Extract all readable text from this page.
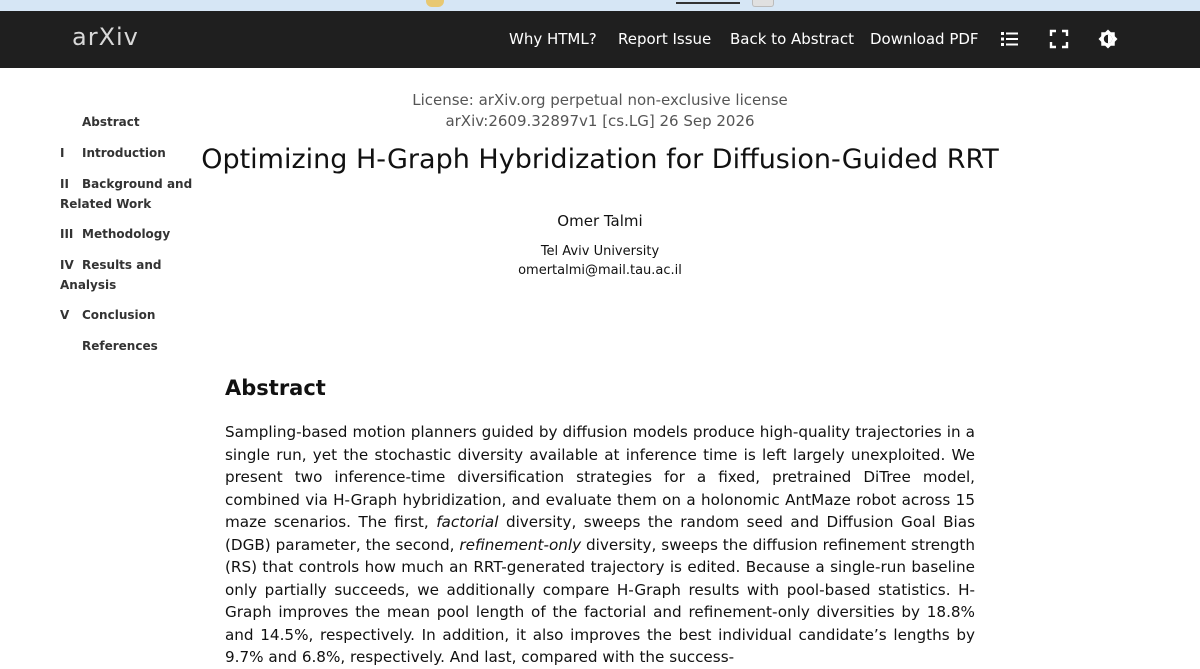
arXiv	Why HTML? Report Issue Back to Abstract Download PDF
Abstract
I	Introduction
II	Background and Related Work
III Methodology
IV Results and Analysis
V	Conclusion
References
License: arXiv.org perpetual non-exclusive license
arXiv:2609.32897v1 [cs.LG] 26 Sep 2026
Optimizing H-Graph Hybridization for Diffusion-Guided RRT
Omer Talmi
Tel Aviv University
omertalmi@mail.tau.ac.il
Abstract

Sampling-based motion planners guided by diffusion models produce high-quality trajectories in a single run, yet the stochastic diversity available at inference time is left largely unexploited. We present two inference-time diversification strategies for a fixed, pretrained DiTree model, combined via H-Graph hybridization, and evaluate them on a holonomic AntMaze robot across 15 maze scenarios. The first, factorial diversity, sweeps the random seed and Diffusion Goal Bias (DGB) parameter, the second, refinement-only diversity, sweeps the diffusion refinement strength (RS) that controls how much an RRT-generated trajectory is edited. Because a single-run baseline only partially succeeds, we additionally compare H-Graph results with pool-based statistics. H-Graph improves the mean pool length of the factorial and refinement-only diversities by 18.8% and 14.5%, respectively. In addition, it also improves the best individual candidate’s lengths by 9.7% and 6.8%, respectively. And last, compared with the success-
